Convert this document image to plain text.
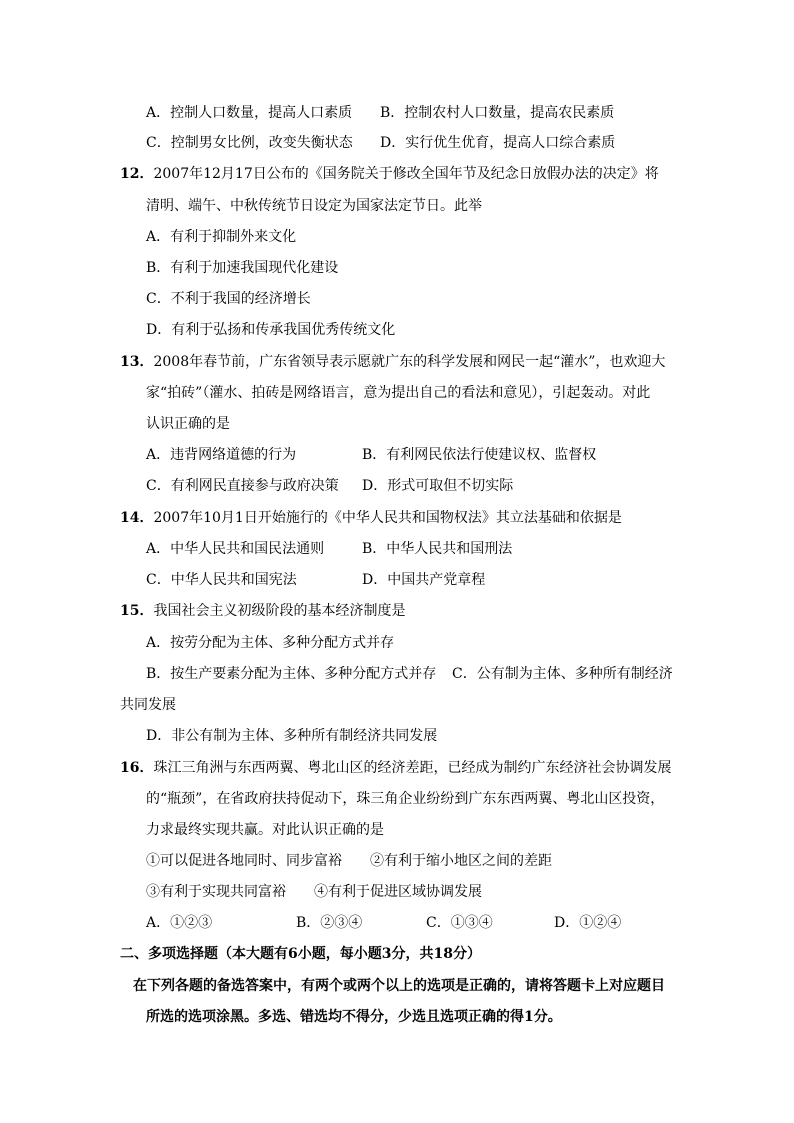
A．控制人口数量，提高人口素质 B．控制农村人口数量，提高农民素质
C．控制男女比例，改变失衡状态 D．实行优生优育，提高人口综合素质
12．2007年12月17日公布的《国务院关于修改全国年节及纪念日放假办法的决定》将
清明、端午、中秋传统节日设定为国家法定节日。此举
A．有利于抑制外来文化
B．有利于加速我国现代化建设
C．不利于我国的经济增长
D．有利于弘扬和传承我国优秀传统文化
13．2008年春节前，广东省领导表示愿就广东的科学发展和网民一起“灌水”，也欢迎大
家“拍砖”（灌水、拍砖是网络语言，意为提出自己的看法和意见），引起轰动。对此
认识正确的是
A．违背网络道德的行为	B．有利网民依法行使建议权、监督权
C．有利网民直接参与政府决策 D．形式可取但不切实际
14．2007年10月1日开始施行的《中华人民共和国物权法》其立法基础和依据是
A．中华人民共和国民法通则	B．中华人民共和国刑法
C．中华人民共和国宪法	D．中国共产党章程
15．我国社会主义初级阶段的基本经济制度是
A．按劳分配为主体、多种分配方式并存
B．按生产要素分配为主体、多种分配方式并存 C．公有制为主体、多种所有制经济
共同发展
D．非公有制为主体、多种所有制经济共同发展
16．珠江三角洲与东西两翼、粤北山区的经济差距，已经成为制约广东经济社会协调发展
的“瓶颈”，在省政府扶持促动下，珠三角企业纷纷到广东东西两翼、粤北山区投资，
力求最终实现共赢。对此认识正确的是
①可以促进各地同时、同步富裕 ②有利于缩小地区之间的差距
③有利于实现共同富裕 ④有利于促进区域协调发展
A．①②③	B．②③④	C．①③④	D．①②④
二、多项选择题（本大题有6小题，每小题3分，共18分）
在下列各题的备选答案中，有两个或两个以上的选项是正确的，请将答题卡上对应题目
所选的选项涂黑。多选、错选均不得分，少选且选项正确的得1分。
